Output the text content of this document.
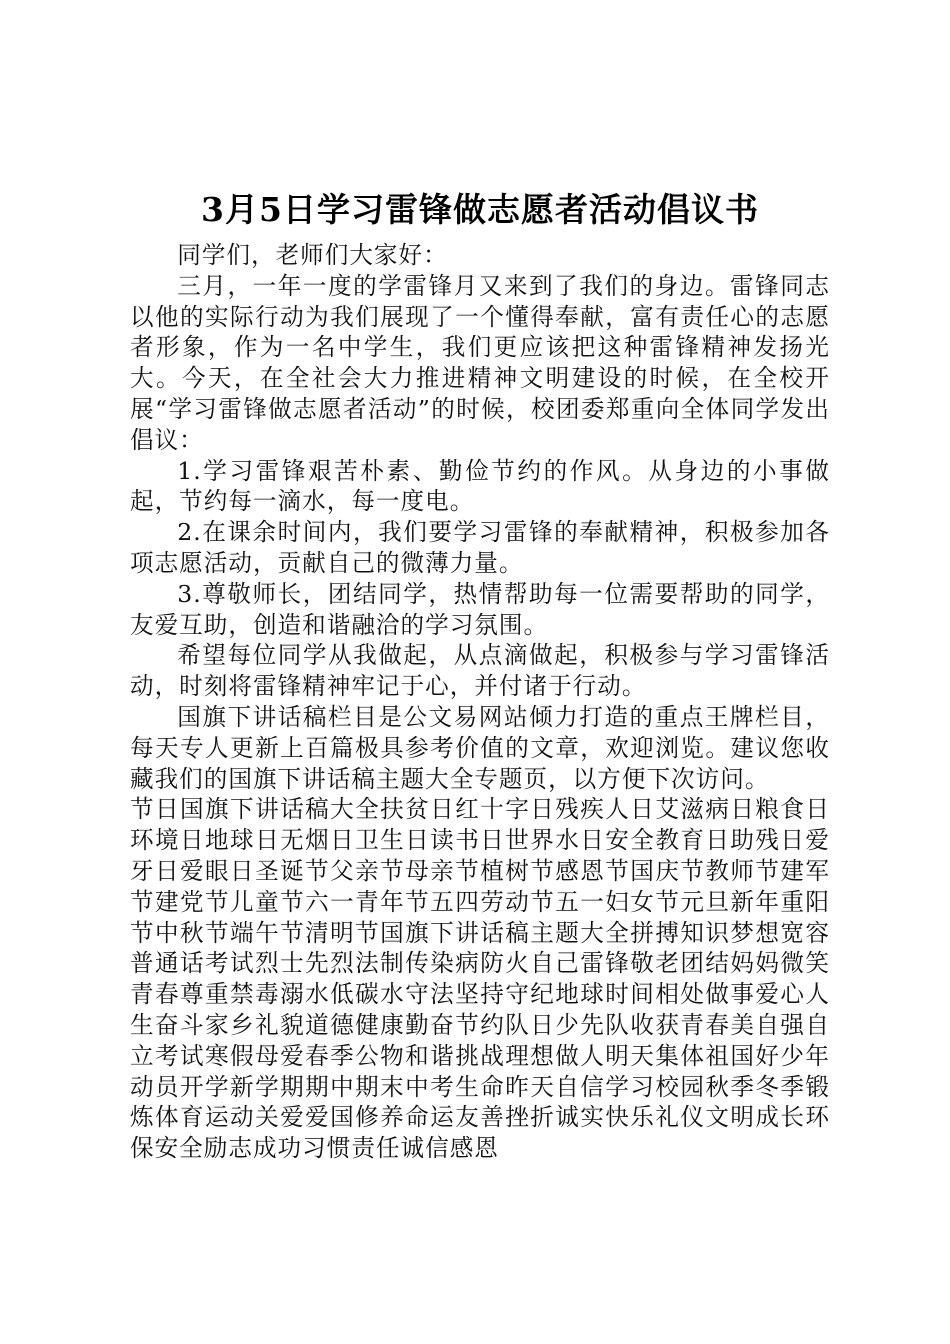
3月5日学习雷锋做志愿者活动倡议书

同学们，老师们大家好：

三月，一年一度的学雷锋月又来到了我们的身边。雷锋同志以他的实际行动为我们展现了一个懂得奉献，富有责任心的志愿者形象，作为一名中学生，我们更应该把这种雷锋精神发扬光大。今天，在全社会大力推进精神文明建设的时候，在全校开展“学习雷锋做志愿者活动”的时候，校团委郑重向全体同学发出倡议：

1.学习雷锋艰苦朴素、勤俭节约的作风。从身边的小事做起，节约每一滴水，每一度电。

2.在课余时间内，我们要学习雷锋的奉献精神，积极参加各项志愿活动，贡献自己的微薄力量。

3.尊敬师长，团结同学，热情帮助每一位需要帮助的同学，友爱互助，创造和谐融洽的学习氛围。

希望每位同学从我做起，从点滴做起，积极参与学习雷锋活动，时刻将雷锋精神牢记于心，并付诸于行动。

国旗下讲话稿栏目是公文易网站倾力打造的重点王牌栏目，每天专人更新上百篇极具参考价值的文章，欢迎浏览。建议您收藏我们的国旗下讲话稿主题大全专题页，以方便下次访问。

节日国旗下讲话稿大全扶贫日红十字日残疾人日艾滋病日粮食日环境日地球日无烟日卫生日读书日世界水日安全教育日助残日爱牙日爱眼日圣诞节父亲节母亲节植树节感恩节国庆节教师节建军节建党节儿童节六一青年节五四劳动节五一妇女节元旦新年重阳节中秋节端午节清明节国旗下讲话稿主题大全拼搏知识梦想宽容普通话考试烈士先烈法制传染病防火自己雷锋敬老团结妈妈微笑青春尊重禁毒溺水低碳水守法坚持守纪地球时间相处做事爱心人生奋斗家乡礼貌道德健康勤奋节约队日少先队收获青春美自强自立考试寒假母爱春季公物和谐挑战理想做人明天集体祖国好少年动员开学新学期期中期末中考生命昨天自信学习校园秋季冬季锻炼体育运动关爱爱国修养命运友善挫折诚实快乐礼仪文明成长环保安全励志成功习惯责任诚信感恩
